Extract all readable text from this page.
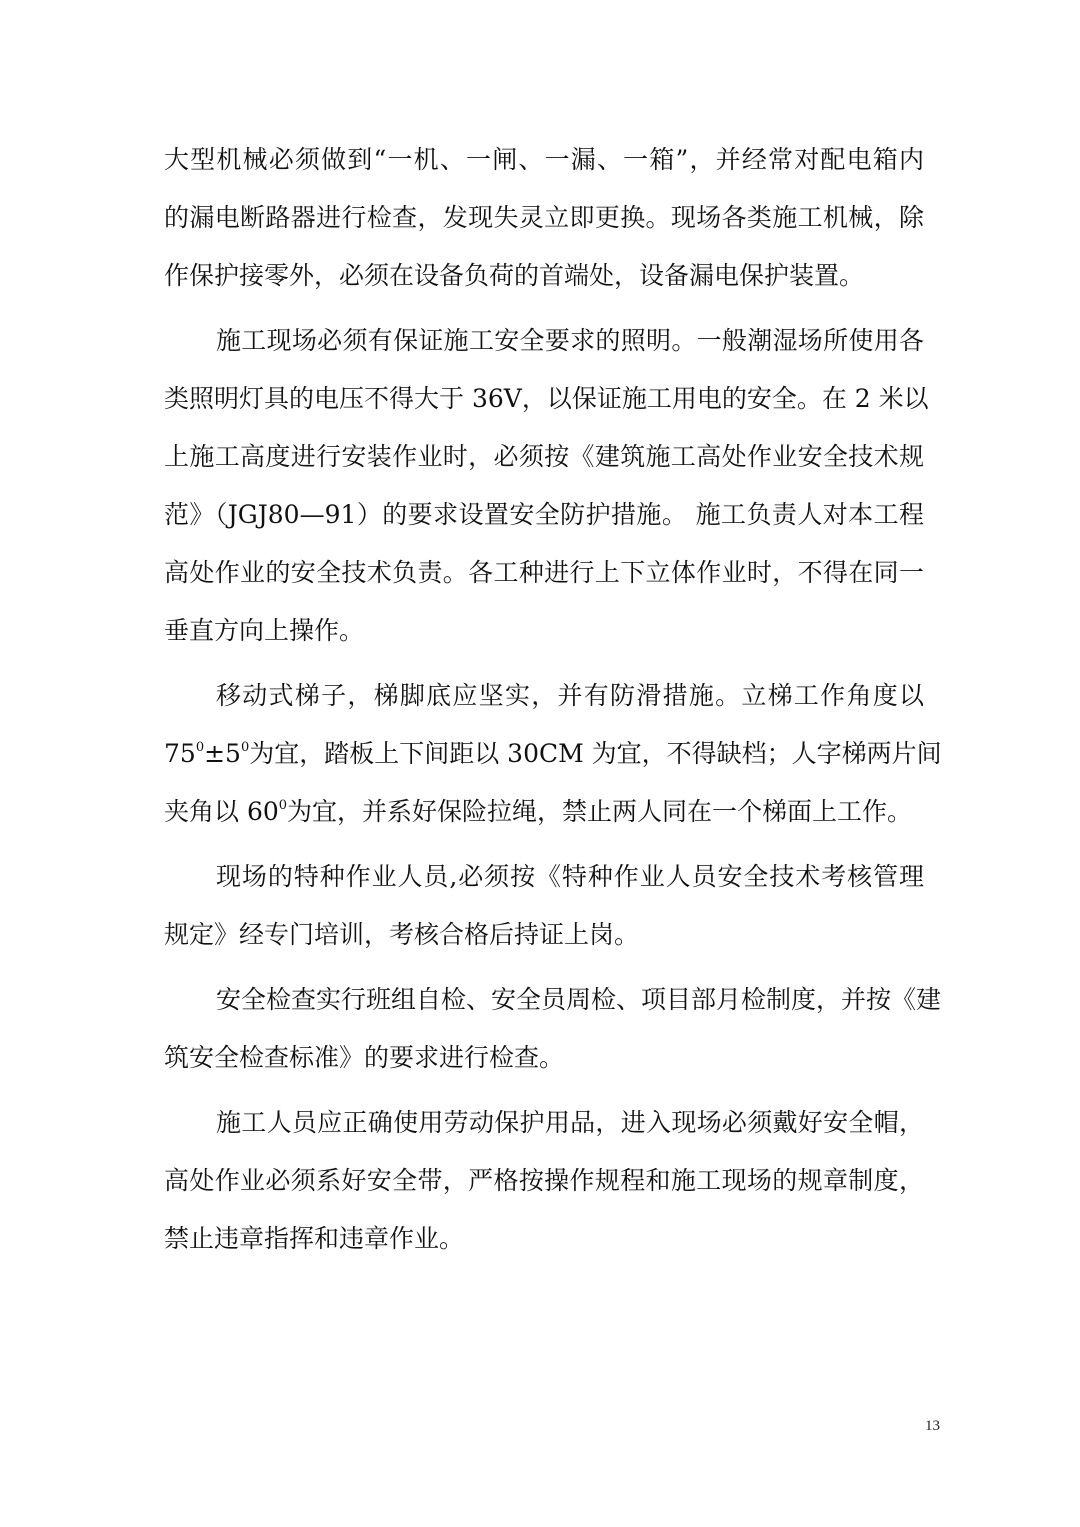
大型机械必须做到“一机、一闸、一漏、一箱”，并经常对配电箱内
的漏电断路器进行检查，发现失灵立即更换。现场各类施工机械，除
作保护接零外，必须在设备负荷的首端处，设备漏电保护装置。
施工现场必须有保证施工安全要求的照明。一般潮湿场所使用各
类照明灯具的电压不得大于 36V，以保证施工用电的安全。在 2 米以
上施工高度进行安装作业时，必须按《建筑施工高处作业安全技术规
范》（JGJ80—91）的要求设置安全防护措施。 施工负责人对本工程
高处作业的安全技术负责。各工种进行上下立体作业时，不得在同一
垂直方向上操作。
移动式梯子，梯脚底应坚实，并有防滑措施。立梯工作角度以
$75^0\pm 5^0$为宜，踏板上下间距以 30CM 为宜，不得缺档；人字梯两片间
夹角以 $60^0$为宜，并系好保险拉绳，禁止两人同在一个梯面上工作。
现场的特种作业人员,必须按《特种作业人员安全技术考核管理
规定》经专门培训，考核合格后持证上岗。
安全检查实行班组自检、安全员周检、项目部月检制度，并按《建
筑安全检查标准》的要求进行检查。
施工人员应正确使用劳动保护用品，进入现场必须戴好安全帽，
高处作业必须系好安全带，严格按操作规程和施工现场的规章制度，
禁止违章指挥和违章作业。
13
